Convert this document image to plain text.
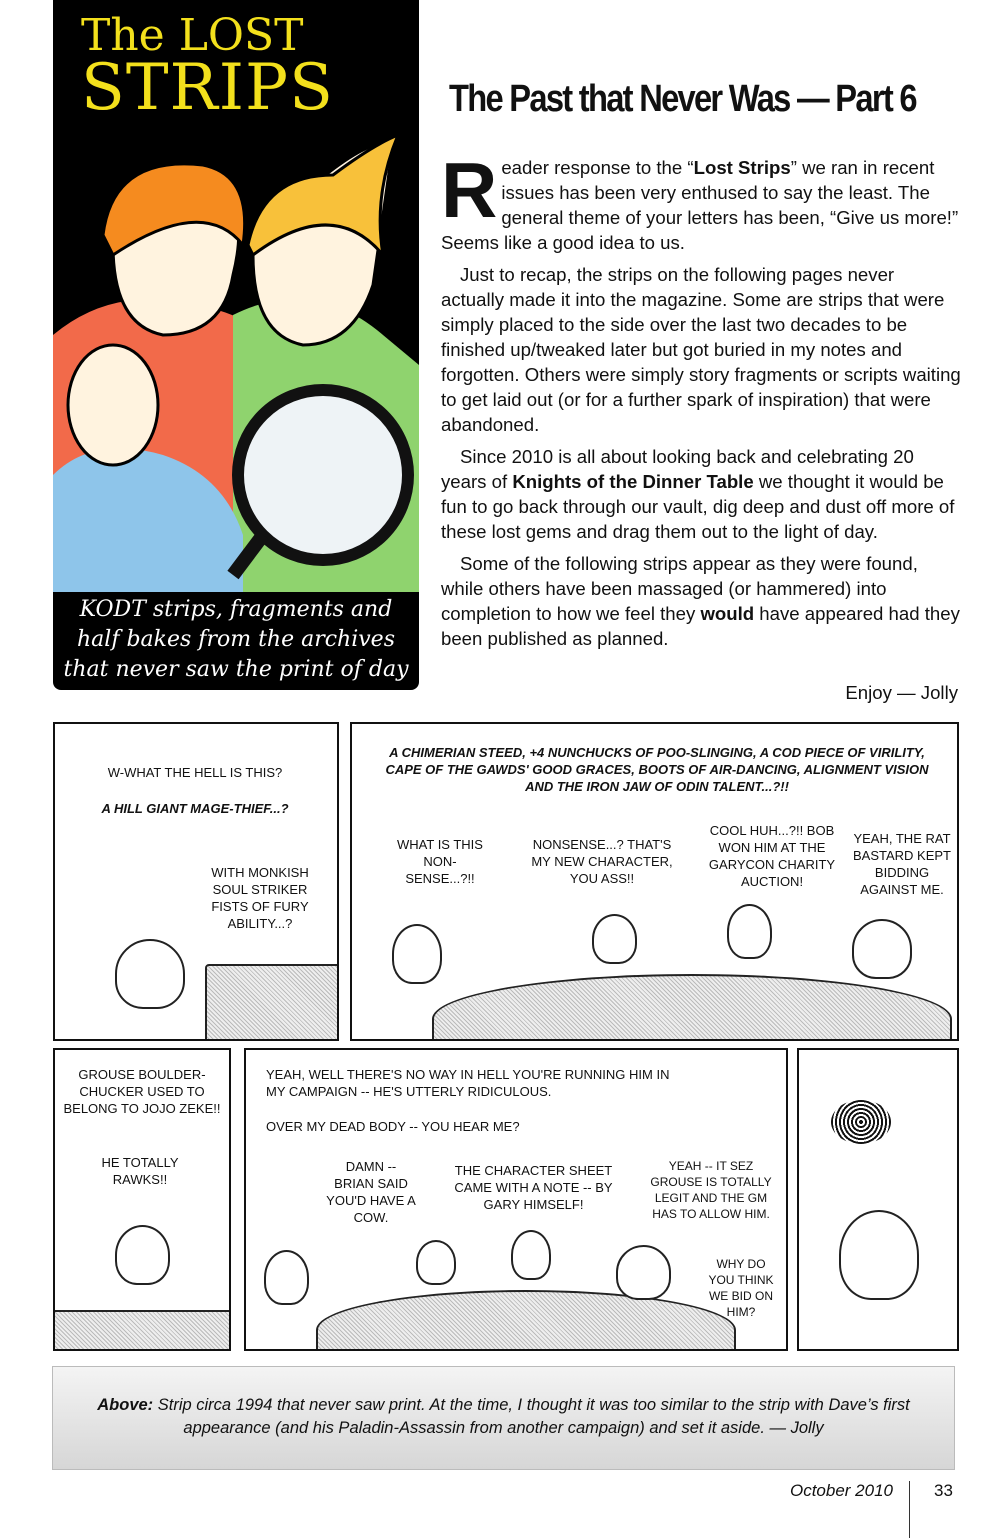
The LOST
STRIPS
KODT strips, fragments and
half bakes from the archives
that never saw the print of day
The Past that Never Was — Part 6

Reader response to the “Lost Strips” we ran in recent issues has been very enthused to say the least. The general theme of your letters has been, “Give us more!” Seems like a good idea to us.

Just to recap, the strips on the following pages never actually made it into the magazine. Some are strips that were simply placed to the side over the last two decades to be finished up/tweaked later but got buried in my notes and forgotten. Others were simply story fragments or scripts waiting to get laid out (or for a further spark of inspiration) that were abandoned.

Since 2010 is all about looking back and celebrating 20 years of Knights of the Dinner Table we thought it would be fun to go back through our vault, dig deep and dust off more of these lost gems and drag them out to the light of day.

Some of the following strips appear as they were found, while others have been massaged (or hammered) into completion to how we feel they would have appeared had they been published as planned.

Enjoy — Jolly
W-WHAT THE HELL IS THIS?
A HILL GIANT MAGE-THIEF...?
WITH MONKISH SOUL STRIKER FISTS OF FURY ABILITY...?
A CHIMERIAN STEED, +4 NUNCHUCKS OF POO-SLINGING, A COD PIECE OF VIRILITY, CAPE OF THE GAWDS' GOOD GRACES, BOOTS OF AIR-DANCING, ALIGNMENT VISION AND THE IRON JAW OF ODIN TALENT...?!!
WHAT IS THIS NON-SENSE...?!!
NONSENSE...? THAT'S MY NEW CHARACTER, YOU ASS!!
COOL HUH...?!! BOB WON HIM AT THE GARYCON CHARITY AUCTION!
YEAH, THE RAT BASTARD KEPT BIDDING AGAINST ME.
GROUSE BOULDER-CHUCKER USED TO BELONG TO JOJO ZEKE!!
HE TOTALLY RAWKS!!
YEAH, WELL THERE'S NO WAY IN HELL YOU'RE RUNNING HIM IN MY CAMPAIGN -- HE'S UTTERLY RIDICULOUS.
OVER MY DEAD BODY -- YOU HEAR ME?
DAMN -- BRIAN SAID YOU'D HAVE A COW.
THE CHARACTER SHEET CAME WITH A NOTE -- BY GARY HIMSELF!
YEAH -- IT SEZ GROUSE IS TOTALLY LEGIT AND THE GM HAS TO ALLOW HIM.
WHY DO YOU THINK WE BID ON HIM?
Above: Strip circa 1994 that never saw print. At the time, I thought it was too similar to the strip with Dave’s first appearance (and his Paladin-Assassin from another campaign) and set it aside. — Jolly
October 2010 33
